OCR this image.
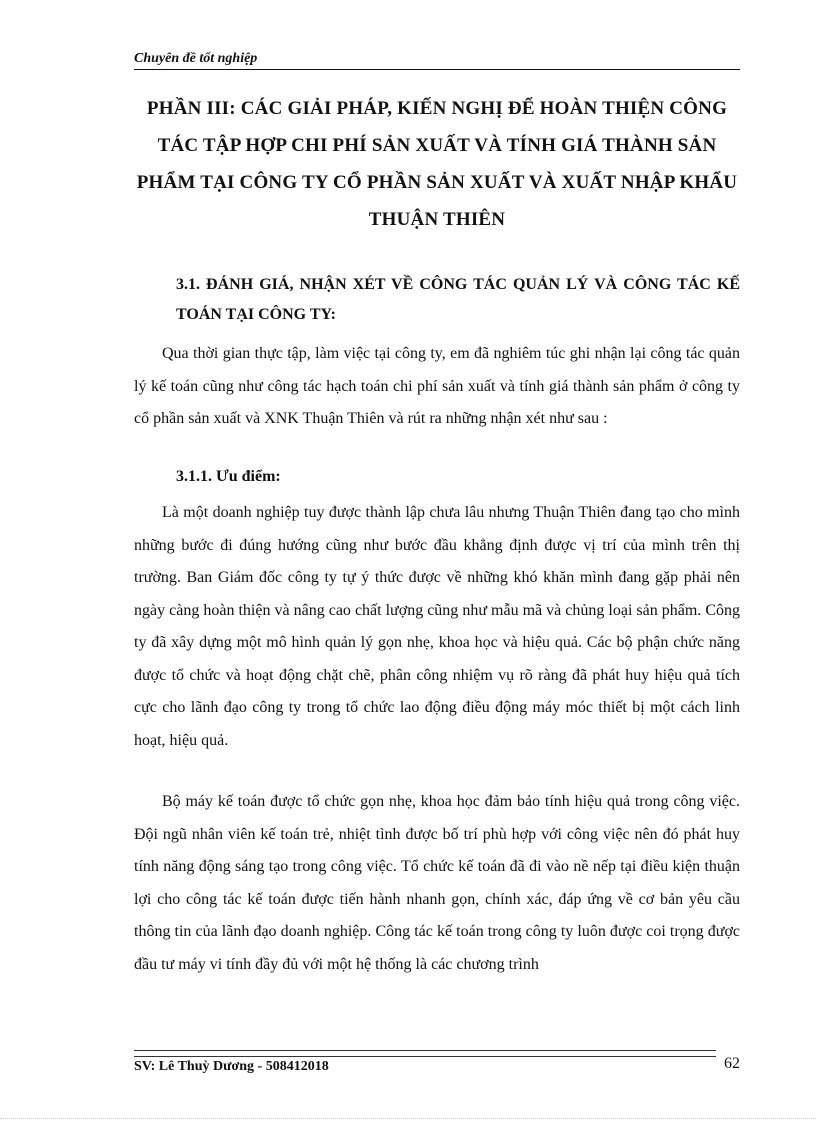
Chuyên đề tốt nghiệp
PHẦN III: CÁC GIẢI PHÁP, KIẾN NGHỊ ĐỂ HOÀN THIỆN CÔNG TÁC TẬP HỢP CHI PHÍ SẢN XUẤT VÀ TÍNH GIÁ THÀNH SẢN PHẨM TẠI CÔNG TY CỔ PHẦN SẢN XUẤT VÀ XUẤT NHẬP KHẨU THUẬN THIÊN
3.1. ĐÁNH GIÁ, NHẬN XÉT VỀ CÔNG TÁC QUẢN LÝ VÀ CÔNG TÁC KẾ TOÁN TẠI CÔNG TY:
Qua thời gian thực tập, làm việc tại công ty, em đã nghiêm túc ghi nhận lại công tác quản lý kế toán cũng như công tác hạch toán chi phí sản xuất và tính giá thành sản phẩm ở công ty cổ phần sản xuất và XNK Thuận Thiên và rút ra những nhận xét như sau :
3.1.1. Ưu điểm:
Là một doanh nghiệp tuy được thành lập chưa lâu nhưng Thuận Thiên đang tạo cho mình những bước đi đúng hướng cũng như bước đầu khẳng định được vị trí của mình trên thị trường. Ban Giám đốc công ty tự ý thức được về những khó khăn mình đang gặp phải nên ngày càng hoàn thiện và nâng cao chất lượng cũng như mẫu mã và chủng loại sản phẩm. Công ty đã xây dựng một mô hình quản lý gọn nhẹ, khoa học và hiệu quả. Các bộ phận chức năng được tổ chức và hoạt động chặt chẽ, phân công nhiệm vụ rõ ràng đã phát huy hiệu quả tích cực cho lãnh đạo công ty trong tổ chức lao động điều động máy móc thiết bị một cách linh hoạt, hiệu quả.
Bộ máy kế toán được tổ chức gọn nhẹ, khoa học đảm bảo tính hiệu quả trong công việc. Đội ngũ nhân viên kế toán trẻ, nhiệt tình được bố trí phù hợp với công việc nên đó phát huy tính năng động sáng tạo trong công việc. Tổ chức kế toán đã đi vào nề nếp tại điều kiện thuận lợi cho công tác kế toán được tiến hành nhanh gọn, chính xác, đáp ứng về cơ bản yêu cầu thông tin của lãnh đạo doanh nghiệp. Công tác kế toán trong công ty luôn được coi trọng được đầu tư máy vi tính đầy đủ với một hệ thống là các chương trình
SV: Lê Thuỳ Dương - 508412018	62
